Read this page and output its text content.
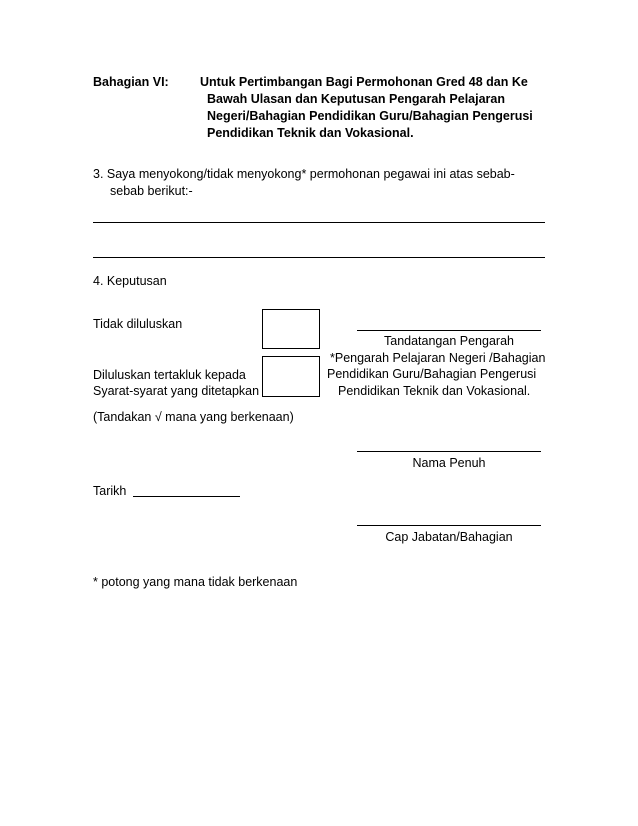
Bahagian VI:	Untuk Pertimbangan Bagi Permohonan Gred 48 dan Ke
Bawah Ulasan dan Keputusan Pengarah Pelajaran
Negeri/Bahagian Pendidikan Guru/Bahagian Pengerusi
Pendidikan Teknik dan Vokasional.
3. Saya menyokong/tidak menyokong* permohonan pegawai ini atas sebab-
sebab berikut:-
4. Keputusan
Tidak diluluskan
Diluluskan tertakluk kepada
Syarat-syarat yang ditetapkan
(Tandakan √ mana yang berkenaan)
Tandatangan Pengarah
*Pengarah Pelajaran Negeri /Bahagian
Pendidikan Guru/Bahagian Pengerusi
Pendidikan Teknik dan Vokasional.
Nama Penuh
Tarikh
Cap Jabatan/Bahagian
* potong yang mana tidak berkenaan
